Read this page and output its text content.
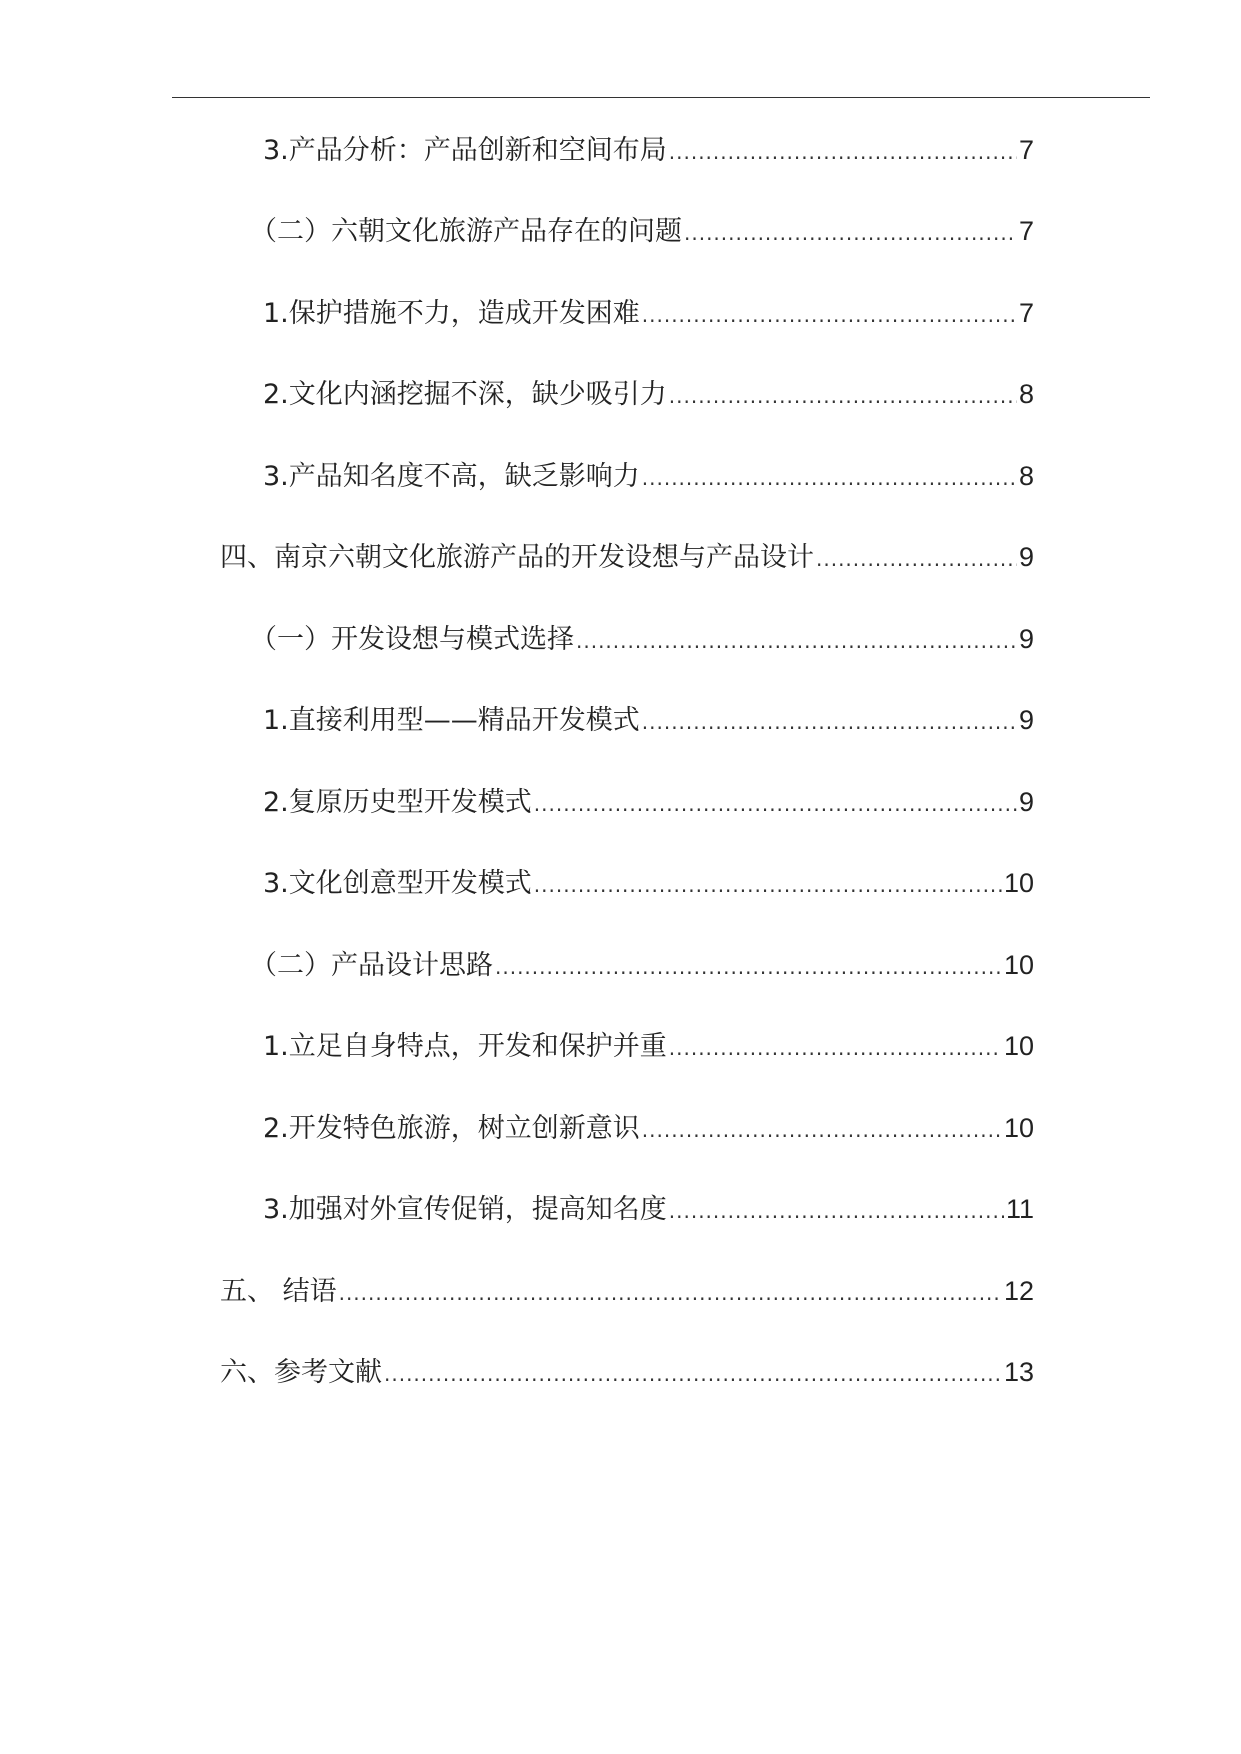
3.产品分析：产品创新和空间布局 .....	7
（二）六朝文化旅游产品存在的问题 .....	7
1.保护措施不力，造成开发困难 .....	7
2.文化内涵挖掘不深，缺少吸引力 .....	8
3.产品知名度不高，缺乏影响力 .....	8
四、南京六朝文化旅游产品的开发设想与产品设计 .....	9
（一）开发设想与模式选择 .....	9
1.直接利用型——精品开发模式 .....	9
2.复原历史型开发模式 .....	9
3.文化创意型开发模式 .....	10
（二）产品设计思路 .....	10
1.立足自身特点，开发和保护并重 .....	10
2.开发特色旅游，树立创新意识 .....	10
3.加强对外宣传促销，提高知名度 .....	11
五、 结语 .....	12
六、参考文献 .....	13
